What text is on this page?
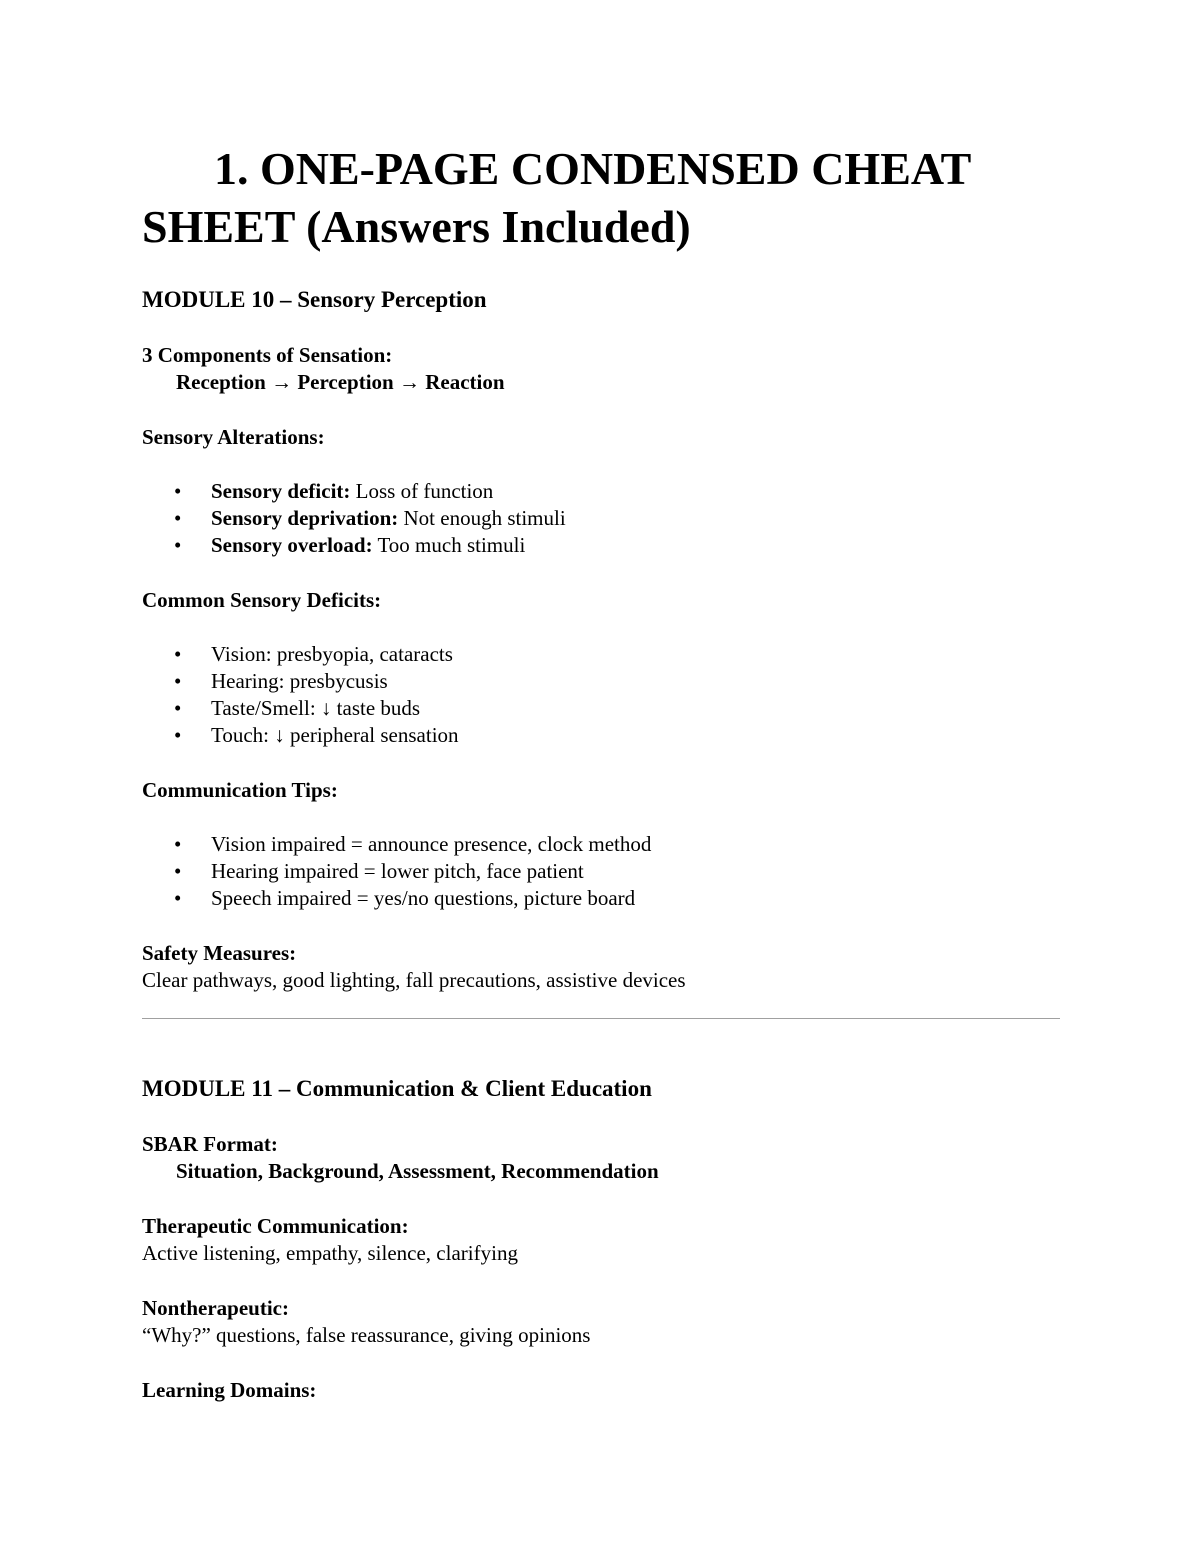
1. ONE-PAGE CONDENSED CHEAT SHEET (Answers Included)
MODULE 10 – Sensory Perception

3 Components of Sensation:

Reception → Perception → Reaction

Sensory Alterations:

• Sensory deficit: Loss of function
• Sensory deprivation: Not enough stimuli
• Sensory overload: Too much stimuli

Common Sensory Deficits:

• Vision: presbyopia, cataracts
• Hearing: presbycusis
• Taste/Smell: ↓ taste buds
• Touch: ↓ peripheral sensation

Communication Tips:

• Vision impaired = announce presence, clock method
• Hearing impaired = lower pitch, face patient
• Speech impaired = yes/no questions, picture board

Safety Measures:

Clear pathways, good lighting, fall precautions, assistive devices

MODULE 11 – Communication & Client Education

SBAR Format:

Situation, Background, Assessment, Recommendation

Therapeutic Communication:

Active listening, empathy, silence, clarifying

Nontherapeutic:

“Why?” questions, false reassurance, giving opinions

Learning Domains:
